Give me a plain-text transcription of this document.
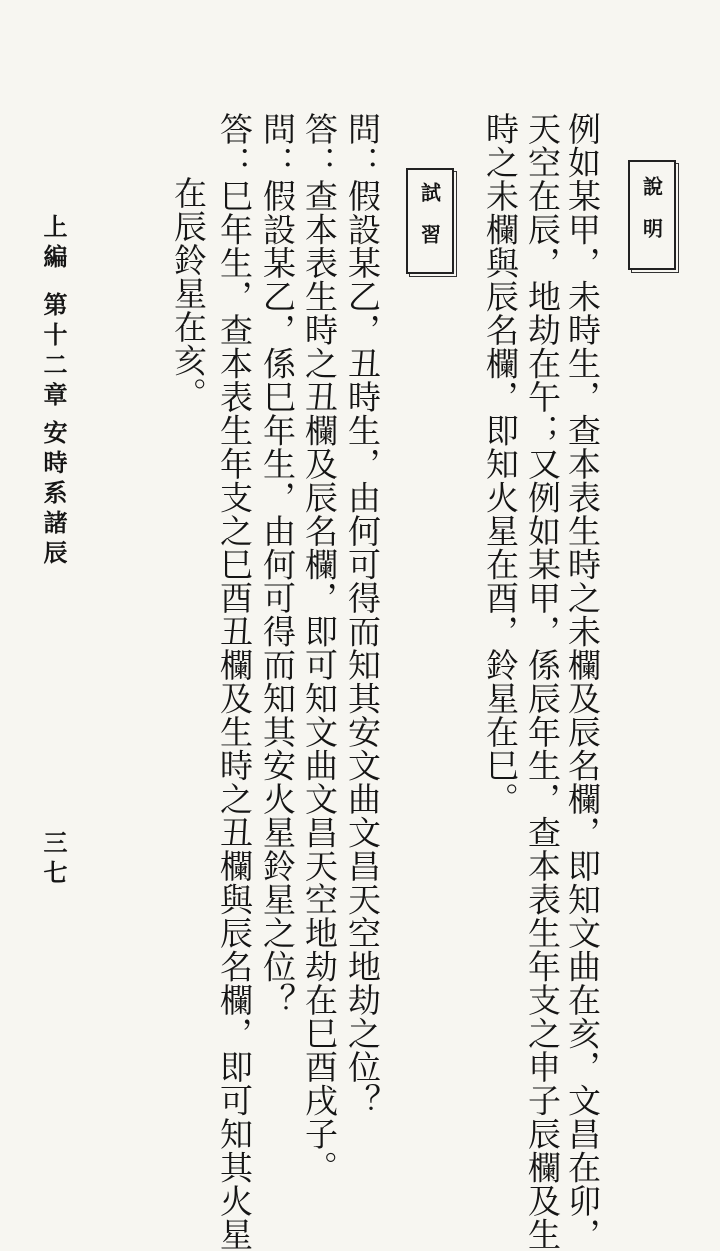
說明
例如某甲，未時生，查本表生時之未欄及辰名欄，即知文曲在亥，文昌在卯，
天空在辰，地劫在午；又例如某甲，係辰年生，查本表生年支之申子辰欄及生
時之未欄與辰名欄，即知火星在酉，鈴星在巳。
試習
問：假設某乙，丑時生，由何可得而知其安文曲文昌天空地劫之位？
答：查本表生時之丑欄及辰名欄，即可知文曲文昌天空地劫在巳酉戌子。
問：假設某乙，係巳年生，由何可得而知其安火星鈴星之位？
答：巳年生，查本表生年支之巳酉丑欄及生時之丑欄與辰名欄，即可知其火星
在辰鈴星在亥。
上編
第十二章
安時系諸辰
三七
